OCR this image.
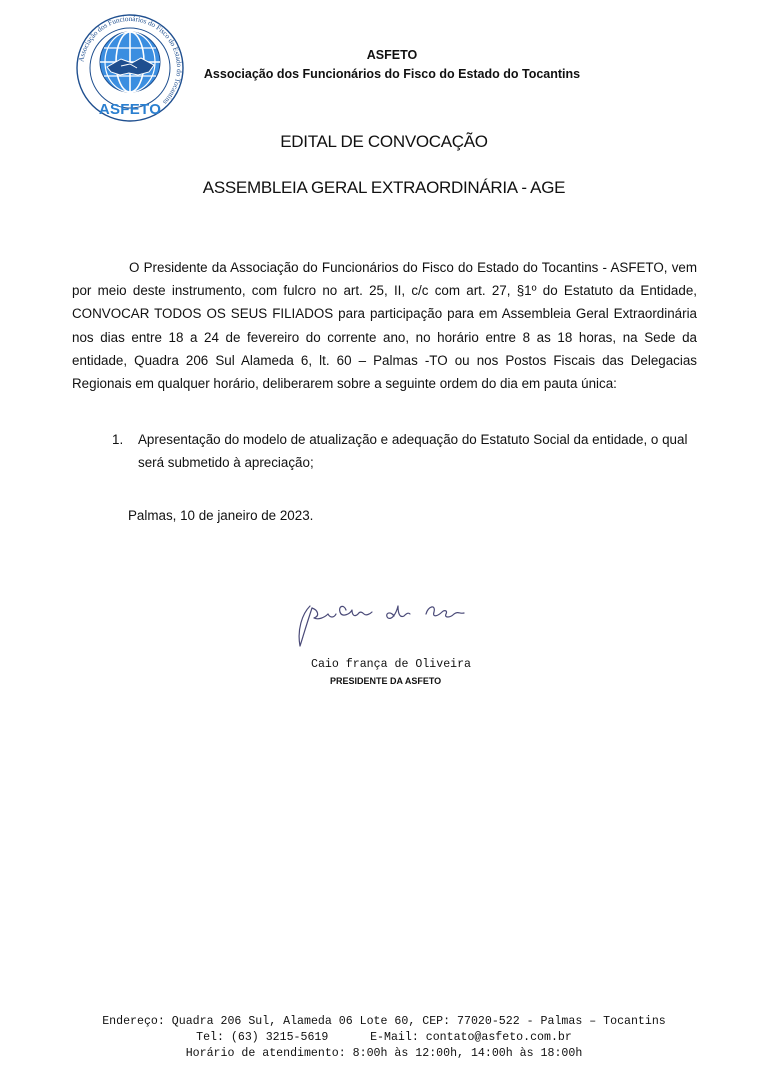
Associação dos Funcionários do Fisco do Estado do Tocantins
ASFETO
ASFETO
Associação dos Funcionários do Fisco do Estado do Tocantins
EDITAL DE CONVOCAÇÃO
ASSEMBLEIA GERAL EXTRAORDINÁRIA - AGE

O Presidente da Associação do Funcionários do Fisco do Estado do Tocantins - ASFETO, vem por meio deste instrumento, com fulcro no art. 25, II, c/c com art. 27, §1º do Estatuto da Entidade, CONVOCAR TODOS OS SEUS FILIADOS para participação para em Assembleia Geral Extraordinária nos dias entre 18 a 24 de fevereiro do corrente ano, no horário entre 8 as 18 horas, na Sede da entidade, Quadra 206 Sul Alameda 6, lt. 60 – Palmas -TO ou nos Postos Fiscais das Delegacias Regionais em qualquer horário, deliberarem sobre a seguinte ordem do dia em pauta única:

1. Apresentação do modelo de atualização e adequação do Estatuto Social da entidade, o qual será submetido à apreciação;
Palmas, 10 de janeiro de 2023.
Caio frança de Oliveira
PRESIDENTE DA ASFETO
Endereço: Quadra 206 Sul, Alameda 06 Lote 60, CEP: 77020-522 - Palmas – Tocantins
Tel: (63) 3215-5619      E-Mail: contato@asfeto.com.br
Horário de atendimento: 8:00h às 12:00h, 14:00h às 18:00h
